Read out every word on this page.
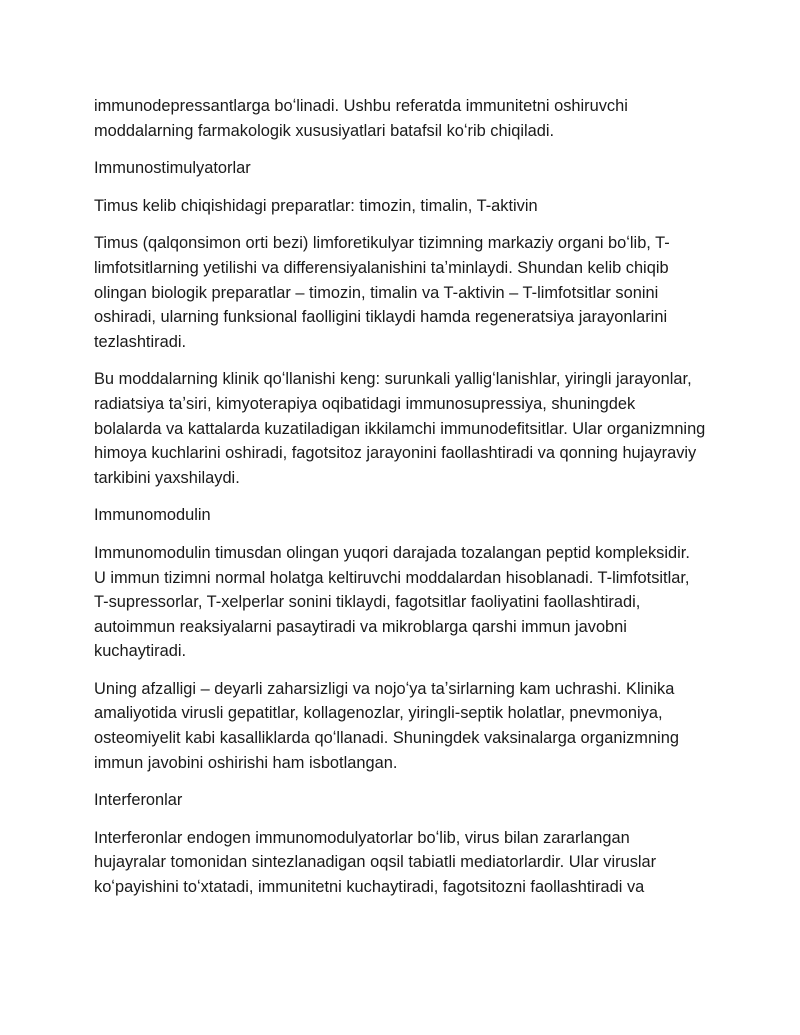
immunodepressantlarga boʻlinadi. Ushbu referatda immunitetni oshiruvchi moddalarning farmakologik xususiyatlari batafsil koʻrib chiqiladi.

Immunostimulyatorlar

Timus kelib chiqishidagi preparatlar: timozin, timalin, T-aktivin

Timus (qalqonsimon orti bezi) limforetikulyar tizimning markaziy organi boʻlib, T-limfotsitlarning yetilishi va differensiyalanishini taʼminlaydi. Shundan kelib chiqib olingan biologik preparatlar – timozin, timalin va T-aktivin – T-limfotsitlar sonini oshiradi, ularning funksional faolligini tiklaydi hamda regeneratsiya jarayonlarini tezlashtiradi.

Bu moddalarning klinik qoʻllanishi keng: surunkali yalligʻlanishlar, yiringli jarayonlar, radiatsiya taʼsiri, kimyoterapiya oqibatidagi immunosupressiya, shuningdek bolalarda va kattalarda kuzatiladigan ikkilamchi immunodefitsitlar. Ular organizmning himoya kuchlarini oshiradi, fagotsitoz jarayonini faollashtiradi va qonning hujayraviy tarkibini yaxshilaydi.

Immunomodulin

Immunomodulin timusdan olingan yuqori darajada tozalangan peptid kompleksidir. U immun tizimni normal holatga keltiruvchi moddalardan hisoblanadi. T-limfotsitlar, T-supressorlar, T-xelperlar sonini tiklaydi, fagotsitlar faoliyatini faollashtiradi, autoimmun reaksiyalarni pasaytiradi va mikroblarga qarshi immun javobni kuchaytiradi.

Uning afzalligi – deyarli zaharsizligi va nojoʻya taʼsirlarning kam uchrashi. Klinika amaliyotida virusli gepatitlar, kollagenozlar, yiringli-septik holatlar, pnevmoniya, osteomiyelit kabi kasalliklarda qoʻllanadi. Shuningdek vaksinalarga organizmning immun javobini oshirishi ham isbotlangan.

Interferonlar

Interferonlar endogen immunomodulyatorlar boʻlib, virus bilan zararlangan hujayralar tomonidan sintezlanadigan oqsil tabiatli mediatorlardir. Ular viruslar koʻpayishini toʻxtatadi, immunitetni kuchaytiradi, fagotsitozni faollashtiradi va
